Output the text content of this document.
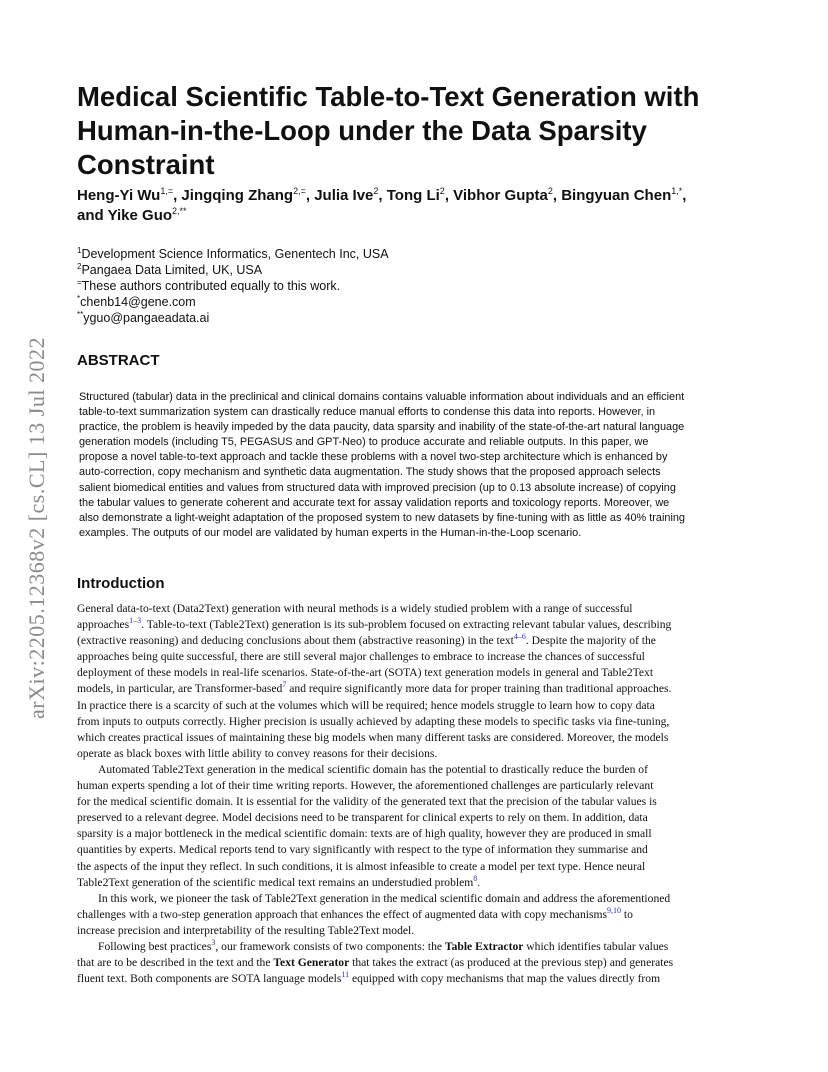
arXiv:2205.12368v2 [cs.CL] 13 Jul 2022
Medical Scientific Table-to-Text Generation with
Human-in-the-Loop under the Data Sparsity
Constraint
Heng-Yi $Wu^{1,=}$, Jingqing Zhang$^{2,=}$, Julia Ive$^2$, Tong Li$^2$, Vibhor Gupta$^2$, Bingyuan Chen$^{1,*}$,
and Yike Guo$^{2,**}$
$^1$Development Science Informatics, Genentech Inc, USA
$^2$Pangaea Data Limited, UK, USA
=These authors contributed equally to this work.
*chenb14@gene.com
**yguo@pangaeadata.ai
ABSTRACT
Structured (tabular) data in the preclinical and clinical domains contains valuable information about individuals and an efficient
table-to-text summarization system can drastically reduce manual efforts to condense this data into reports. However, in
practice, the problem is heavily impeded by the data paucity, data sparsity and inability of the state-of-the-art natural language
generation models (including T5, PEGASUS and GPT-Neo) to produce accurate and reliable outputs. In this paper, we
propose a novel table-to-text approach and tackle these problems with a novel two-step architecture which is enhanced by
auto-correction, copy mechanism and synthetic data augmentation. The study shows that the proposed approach selects
salient biomedical entities and values from structured data with improved precision (up to 0.13 absolute increase) of copying
the tabular values to generate coherent and accurate text for assay validation reports and toxicology reports. Moreover, we
also demonstrate a light-weight adaptation of the proposed system to new datasets by fine-tuning with as little as 40% training
examples. The outputs of our model are validated by human experts in the Human-in-the-Loop scenario.
Introduction
General data-to-text (Data2Text) generation with neural methods is a widely studied problem with a range of successful
approaches$^{1-3}$. Table-to-text (Table2Text) generation is its sub-problem focused on extracting relevant tabular values, describing
(extractive reasoning) and deducing conclusions about them (abstractive reasoning) in the text$^{4-6}$. Despite the majority of the
approaches being quite successful, there are still several major challenges to embrace to increase the chances of successful
deployment of these models in real-life scenarios. State-of-the-art (SOTA) text generation models in general and Table2Text
models, in particular, are Transformer-based$^7$ and require significantly more data for proper training than traditional approaches.
In practice there is a scarcity of such at the volumes which will be required; hence models struggle to learn how to copy data
from inputs to outputs correctly. Higher precision is usually achieved by adapting these models to specific tasks via fine-tuning,
which creates practical issues of maintaining these big models when many different tasks are considered. Moreover, the models
operate as black boxes with little ability to convey reasons for their decisions.
Automated Table2Text generation in the medical scientific domain has the potential to drastically reduce the burden of
human experts spending a lot of their time writing reports. However, the aforementioned challenges are particularly relevant
for the medical scientific domain. It is essential for the validity of the generated text that the precision of the tabular values is
preserved to a relevant degree. Model decisions need to be transparent for clinical experts to rely on them. In addition, data
sparsity is a major bottleneck in the medical scientific domain: texts are of high quality, however they are produced in small
quantities by experts. Medical reports tend to vary significantly with respect to the type of information they summarise and
the aspects of the input they reflect. In such conditions, it is almost infeasible to create a model per text type. Hence neural
Table2Text generation of the scientific medical text remains an understudied problem$^8$.
In this work, we pioneer the task of Table2Text generation in the medical scientific domain and address the aforementioned
challenges with a two-step generation approach that enhances the effect of augmented data with copy mechanisms$^{9,10}$ to
increase precision and interpretability of the resulting Table2Text model.
Following best practices$^3$, our framework consists of two components: the Table Extractor which identifies tabular values
that are to be described in the text and the Text Generator that takes the extract (as produced at the previous step) and generates
fluent text. Both components are SOTA language models$^{11}$ equipped with copy mechanisms that map the values directly from
